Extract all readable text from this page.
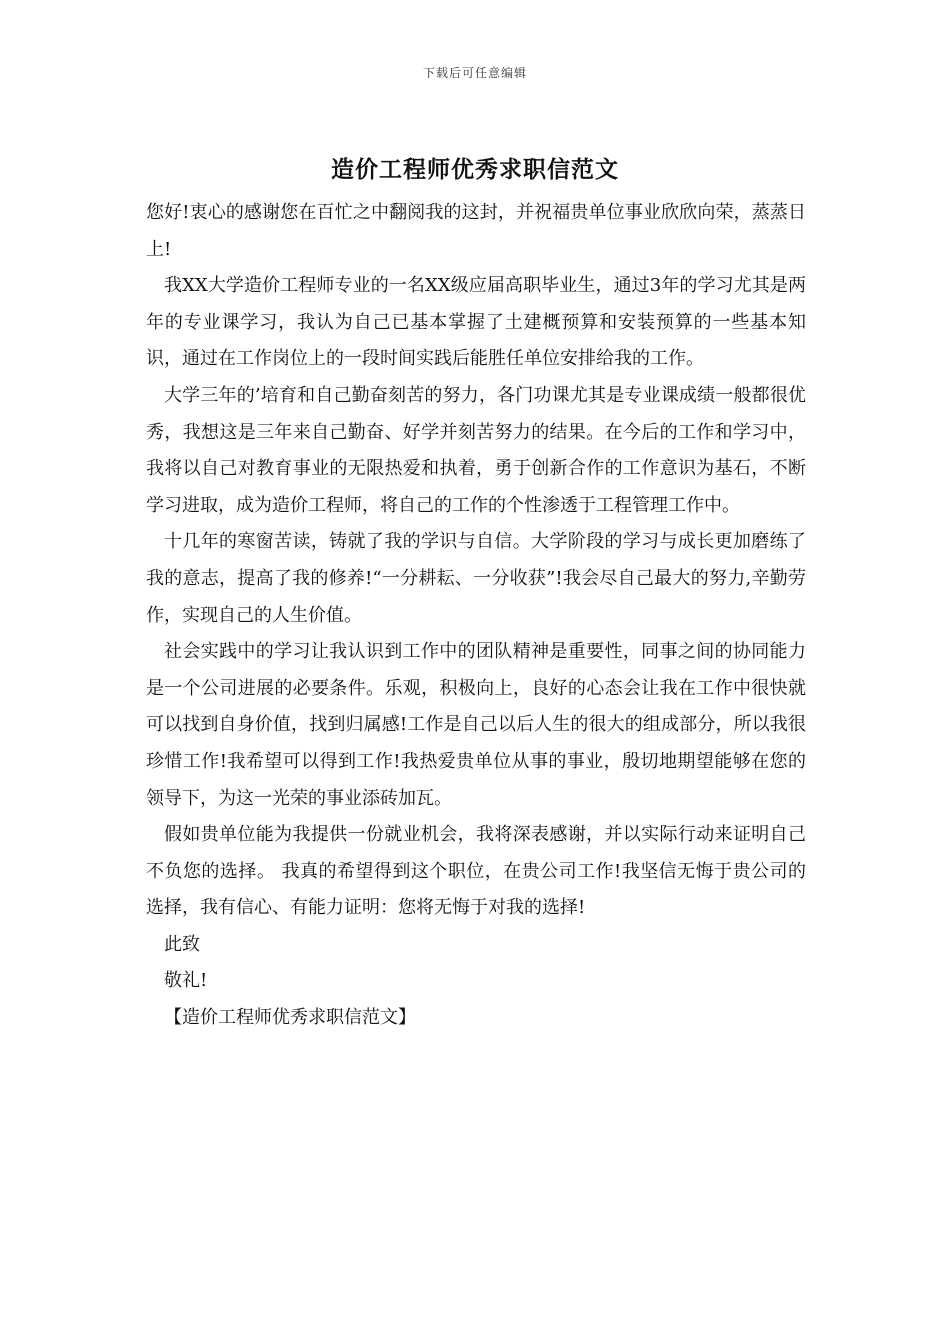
下载后可任意编辑
造价工程师优秀求职信范文

您好!衷心的感谢您在百忙之中翻阅我的这封，并祝福贵单位事业欣欣向荣，蒸蒸日上!

我XX大学造价工程师专业的一名XX级应届高职毕业生，通过3年的学习尤其是两年的专业课学习，我认为自己已基本掌握了土建概预算和安装预算的一些基本知识，通过在工作岗位上的一段时间实践后能胜任单位安排给我的工作。

大学三年的’培育和自己勤奋刻苦的努力，各门功课尤其是专业课成绩一般都很优秀，我想这是三年来自己勤奋、好学并刻苦努力的结果。在今后的工作和学习中，我将以自己对教育事业的无限热爱和执着，勇于创新合作的工作意识为基石，不断学习进取，成为造价工程师，将自己的工作的个性渗透于工程管理工作中。

十几年的寒窗苦读，铸就了我的学识与自信。大学阶段的学习与成长更加磨练了我的意志，提高了我的修养!“一分耕耘、一分收获”!我会尽自己最大的努力,辛勤劳作，实现自己的人生价值。

社会实践中的学习让我认识到工作中的团队精神是重要性，同事之间的协同能力是一个公司进展的必要条件。乐观，积极向上，良好的心态会让我在工作中很快就可以找到自身价值，找到归属感!工作是自己以后人生的很大的组成部分，所以我很珍惜工作!我希望可以得到工作!我热爱贵单位从事的事业，殷切地期望能够在您的领导下，为这一光荣的事业添砖加瓦。

假如贵单位能为我提供一份就业机会，我将深表感谢，并以实际行动来证明自己不负您的选择。 我真的希望得到这个职位，在贵公司工作!我坚信无悔于贵公司的选择，我有信心、有能力证明：您将无悔于对我的选择!

此致

敬礼!

【造价工程师优秀求职信范文】
